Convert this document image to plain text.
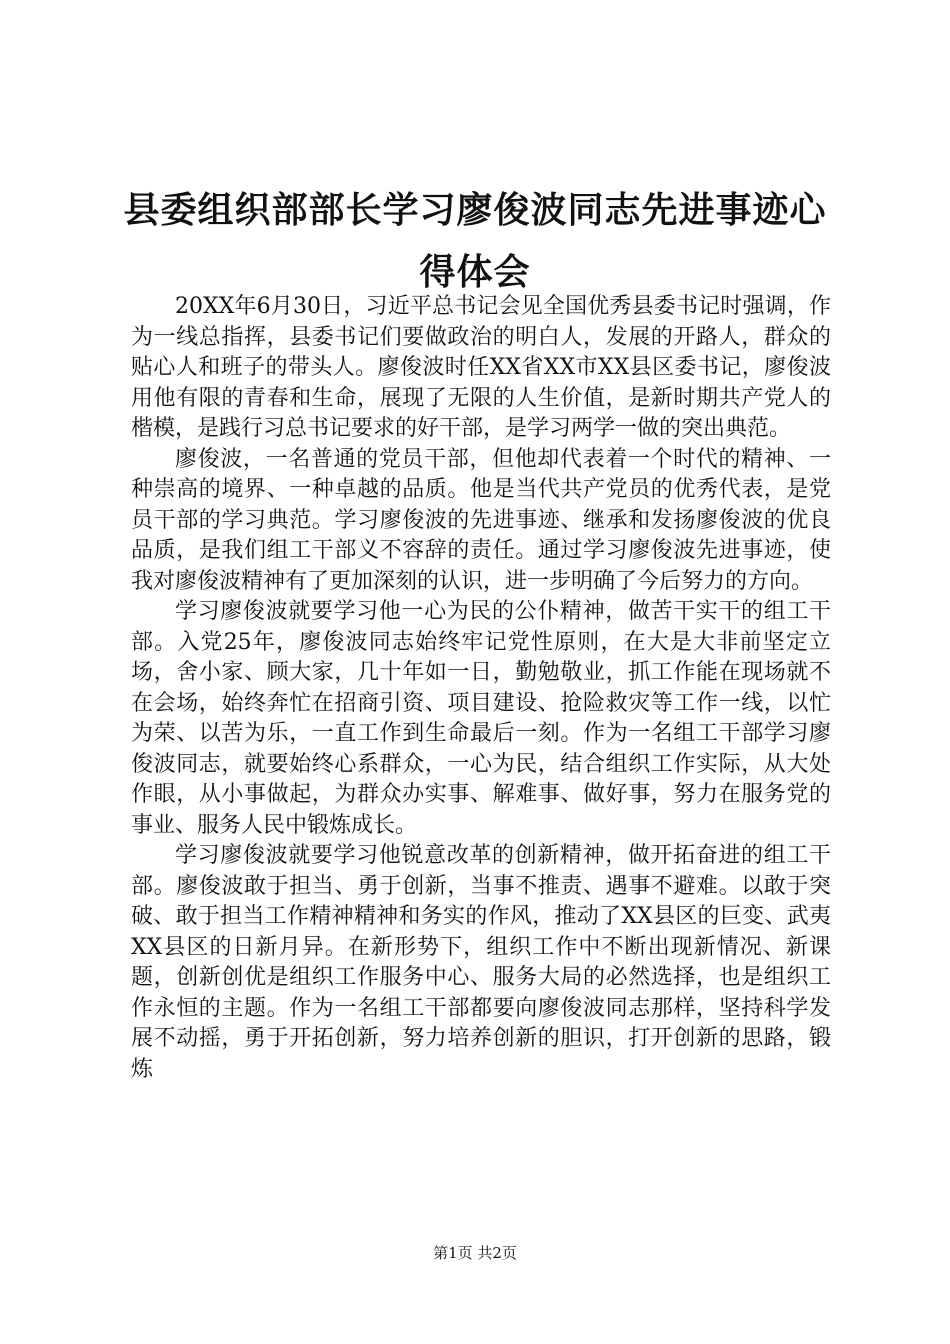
县委组织部部长学习廖俊波同志先进事迹心得体会

20XX年6月30日，习近平总书记会见全国优秀县委书记时强调，作为一线总指挥，县委书记们要做政治的明白人，发展的开路人，群众的贴心人和班子的带头人。廖俊波时任XX省XX市XX县区委书记，廖俊波用他有限的青春和生命，展现了无限的人生价值，是新时期共产党人的楷模，是践行习总书记要求的好干部，是学习两学一做的突出典范。

廖俊波，一名普通的党员干部，但他却代表着一个时代的精神、一种崇高的境界、一种卓越的品质。他是当代共产党员的优秀代表，是党员干部的学习典范。学习廖俊波的先进事迹、继承和发扬廖俊波的优良品质，是我们组工干部义不容辞的责任。通过学习廖俊波先进事迹，使我对廖俊波精神有了更加深刻的认识，进一步明确了今后努力的方向。

学习廖俊波就要学习他一心为民的公仆精神，做苦干实干的组工干部。入党25年，廖俊波同志始终牢记党性原则，在大是大非前坚定立场，舍小家、顾大家，几十年如一日，勤勉敬业，抓工作能在现场就不在会场，始终奔忙在招商引资、项目建设、抢险救灾等工作一线，以忙为荣、以苦为乐，一直工作到生命最后一刻。作为一名组工干部学习廖俊波同志，就要始终心系群众，一心为民，结合组织工作实际，从大处作眼，从小事做起，为群众办实事、解难事、做好事，努力在服务党的事业、服务人民中锻炼成长。

学习廖俊波就要学习他锐意改革的创新精神，做开拓奋进的组工干部。廖俊波敢于担当、勇于创新，当事不推责、遇事不避难。以敢于突破、敢于担当工作精神精神和务实的作风，推动了XX县区的巨变、武夷XX县区的日新月异。在新形势下，组织工作中不断出现新情况、新课题，创新创优是组织工作服务中心、服务大局的必然选择，也是组织工作永恒的主题。作为一名组工干部都要向廖俊波同志那样，坚持科学发展不动摇，勇于开拓创新，努力培养创新的胆识，打开创新的思路，锻炼

第1页 共2页
